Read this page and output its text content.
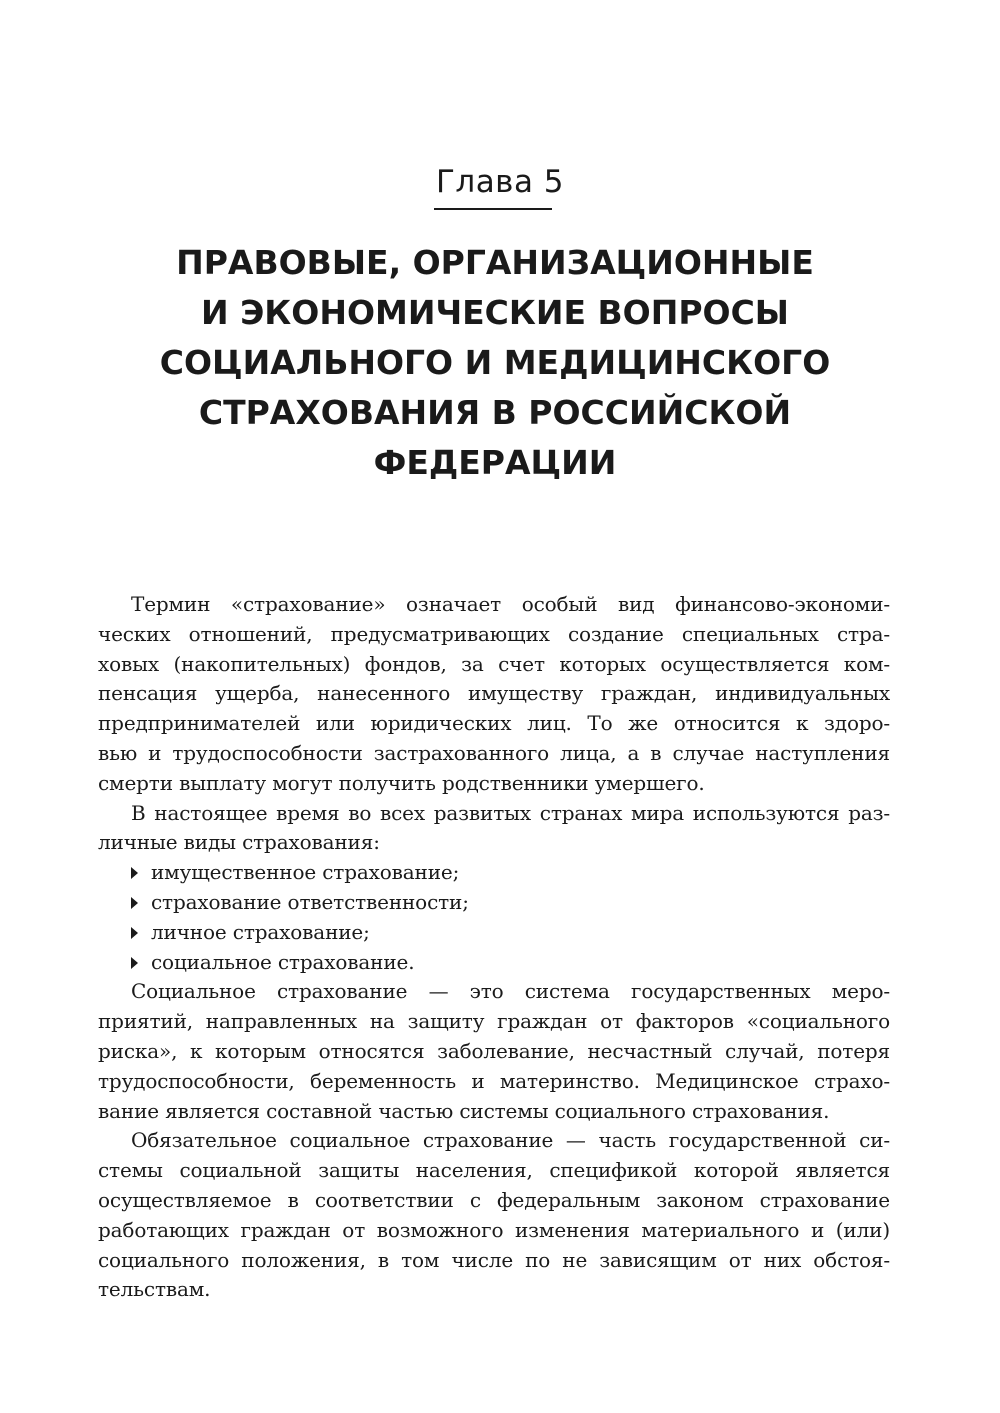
Глава 5
ПРАВОВЫЕ, ОРГАНИЗАЦИОННЫЕ
И ЭКОНОМИЧЕСКИЕ ВОПРОСЫ
СОЦИАЛЬНОГО И МЕДИЦИНСКОГО
СТРАХОВАНИЯ В РОССИЙСКОЙ
ФЕДЕРАЦИИ
Термин «страхование» означает особый вид финансово-экономи-
ческих отношений, предусматривающих создание специальных стра-
ховых (накопительных) фондов, за счет которых осуществляется ком-
пенсация ущерба, нанесенного имуществу граждан, индивидуальных
предпринимателей или юридических лиц. То же относится к здоро-
вью и трудоспособности застрахованного лица, а в случае наступления
смерти выплату могут получить родственники умершего.
В настоящее время во всех развитых странах мира используются раз-
личные виды страхования:
имущественное страхование;
страхование ответственности;
личное страхование;
социальное страхование.
Социальное страхование — это система государственных меро-
приятий, направленных на защиту граждан от факторов «социального
риска», к которым относятся заболевание, несчастный случай, потеря
трудоспособности, беременность и материнство. Медицинское страхо-
вание является составной частью системы социального страхования.
Обязательное социальное страхование — часть государственной си-
стемы социальной защиты населения, спецификой которой является
осуществляемое в соответствии с федеральным законом страхование
работающих граждан от возможного изменения материального и (или)
социального положения, в том числе по не зависящим от них обстоя-
тельствам.
